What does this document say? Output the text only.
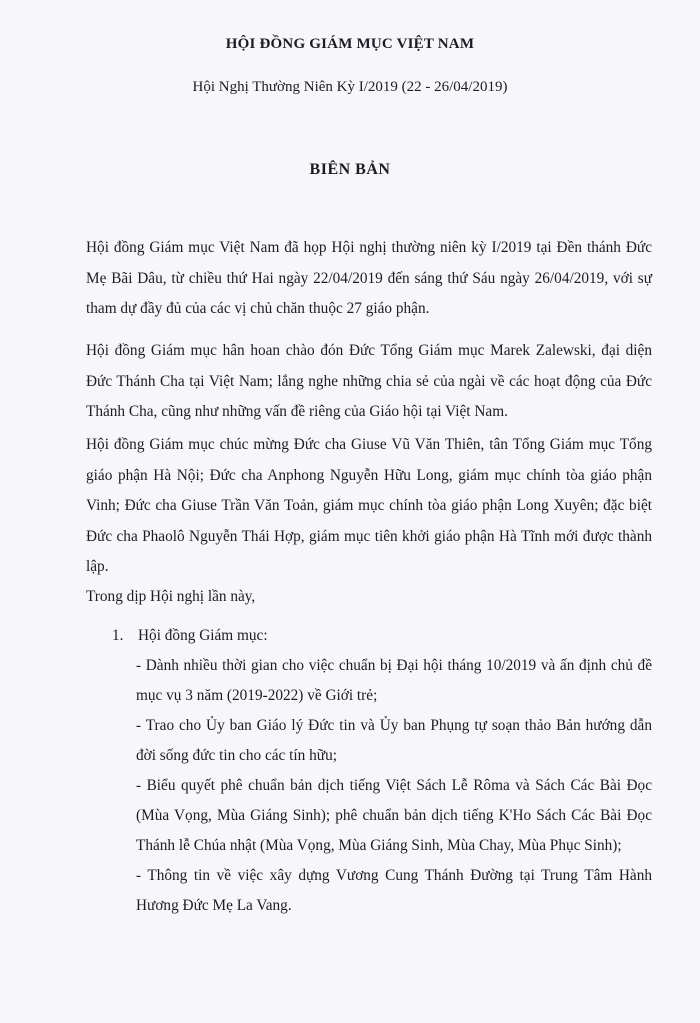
HỘI ĐỒNG GIÁM MỤC VIỆT NAM
Hội Nghị Thường Niên Kỳ I/2019 (22 - 26/04/2019)
BIÊN BẢN

Hội đồng Giám mục Việt Nam đã họp Hội nghị thường niên kỳ I/2019 tại Đền thánh Đức Mẹ Bãi Dâu, từ chiều thứ Hai ngày 22/04/2019 đến sáng thứ Sáu ngày 26/04/2019, với sự tham dự đầy đủ của các vị chủ chăn thuộc 27 giáo phận.

Hội đồng Giám mục hân hoan chào đón Đức Tổng Giám mục Marek Zalewski, đại diện Đức Thánh Cha tại Việt Nam; lắng nghe những chia sẻ của ngài về các hoạt động của Đức Thánh Cha, cũng như những vấn đề riêng của Giáo hội tại Việt Nam.

Hội đồng Giám mục chúc mừng Đức cha Giuse Vũ Văn Thiên, tân Tổng Giám mục Tổng giáo phận Hà Nội; Đức cha Anphong Nguyễn Hữu Long, giám mục chính tòa giáo phận Vinh; Đức cha Giuse Trần Văn Toản, giám mục chính tòa giáo phận Long Xuyên; đặc biệt Đức cha Phaolô Nguyễn Thái Hợp, giám mục tiên khởi giáo phận Hà Tĩnh mới được thành lập.

Trong dịp Hội nghị lần này,

1. Hội đồng Giám mục:

- Dành nhiều thời gian cho việc chuẩn bị Đại hội tháng 10/2019 và ấn định chủ đề mục vụ 3 năm (2019-2022) về Giới trẻ;

- Trao cho Ủy ban Giáo lý Đức tin và Ủy ban Phụng tự soạn thảo Bản hướng dẫn đời sống đức tin cho các tín hữu;

- Biểu quyết phê chuẩn bản dịch tiếng Việt Sách Lễ Rôma và Sách Các Bài Đọc (Mùa Vọng, Mùa Giáng Sinh); phê chuẩn bản dịch tiếng K'Ho Sách Các Bài Đọc Thánh lễ Chúa nhật (Mùa Vọng, Mùa Giáng Sinh, Mùa Chay, Mùa Phục Sinh);

- Thông tin về việc xây dựng Vương Cung Thánh Đường tại Trung Tâm Hành Hương Đức Mẹ La Vang.
